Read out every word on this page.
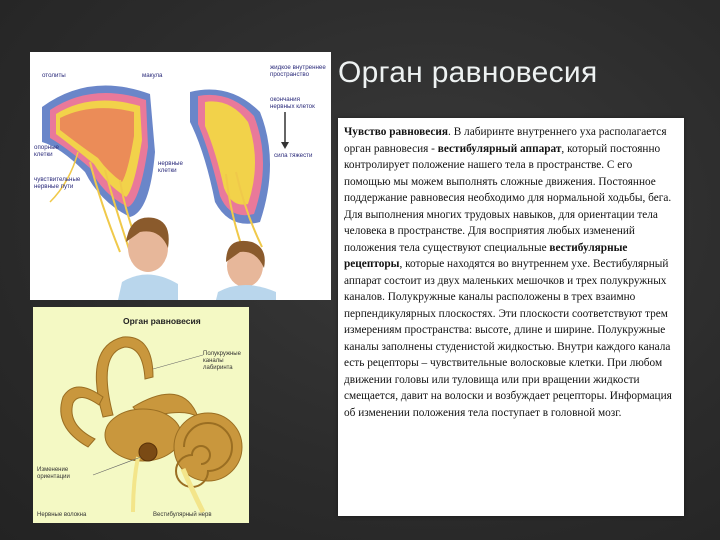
Орган равновесия
отолиты	макула
жидкое внутреннее пространство
окончания нервных клеток
опорные клетки
нервные клетки
чувствительные нервные пути
сила тяжести
Орган равновесия
Полукружные каналы лабиринта
Изменение ориентации
Нервные волокна	Вестибулярный нерв

Чувство равновесия. В лабиринте внутреннего уха располагается орган равновесия - вестибулярный аппарат, который постоянно контролирует положение нашего тела в пространстве. С его помощью мы можем выполнять сложные движения. Постоянное поддержание равновесия необходимо для нормальной ходьбы, бега. Для выполнения многих трудовых навыков, для ориентации тела человека в пространстве. Для восприятия любых изменений положения тела существуют специальные вестибулярные рецепторы, которые находятся во внутреннем ухе. Вестибулярный аппарат состоит из двух маленьких мешочков и трех полукружных каналов. Полукружные каналы расположены в трех взаимно перпендикулярных плоскостях. Эти плоскости соответствуют трем измерениям пространства: высоте, длине и ширине. Полукружные каналы заполнены студенистой жидкостью. Внутри каждого канала есть рецепторы – чувствительные волосковые клетки. При любом движении головы или туловища или при вращении жидкости смещается, давит на волоски и возбуждает рецепторы. Информация об изменении положения тела поступает в головной мозг.
